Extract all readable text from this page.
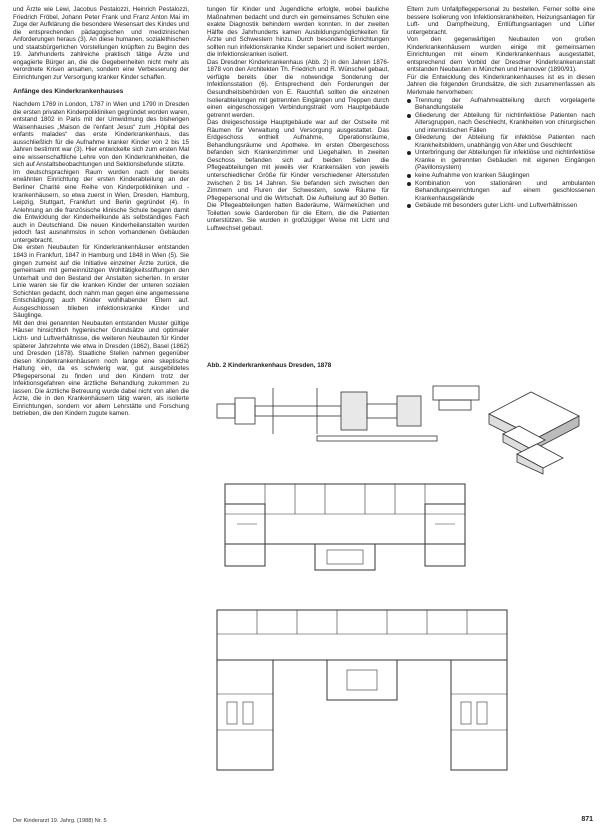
und Ärzte wie Lewi, Jacobus Pestalozzi, Heinrich Pestalozzi, Friedrich Fröbel, Johann Peter Frank und Franz Anton Mai im Zuge der Aufklärung die besondere Wesensart des Kindes und die entsprechenden pädagogischen und medizinischen Anforderungen heraus (3). An diese humanen, sozialethischen und staatsbürgerlichen Vorstellungen knüpften zu Beginn des 19. Jahrhunderts zahlreiche praktisch tätige Ärzte und engagierte Bürger an, die die Gegebenheiten nicht mehr als verordnete Krisen ansahen, sondern eine Verbesserung der Einrichtungen zur Versorgung kranker Kinder schaffen.

Anfänge des Kinderkrankenhauses

Nachdem 1769 in London, 1787 in Wien und 1790 in Dresden die ersten privaten Kinderpolikliniken gegründet worden waren, entstand 1802 in Paris mit der Umwidmung des bisherigen Waisenhauses „Maison de l'enfant Jesus“ zum „Hôpital des enfants malades“ das erste Kinderkrankenhaus, das ausschließlich für die Aufnahme kranker Kinder von 2 bis 15 Jahren bestimmt war (3). Hier entwickelte sich zum ersten Mal eine wissenschaftliche Lehre von den Kinderkrankheiten, die sich auf Anstaltsbeobachtungen und Sektionsbefunde stützte.

Im deutschsprachigen Raum wurden nach der bereits erwähnten Einrichtung der ersten Kinderabteilung an der Berliner Charité eine Reihe von Kinderpolikliniken und -krankenhäusern, so etwa zuerst in Wien, Dresden, Hamburg, Leipzig, Stuttgart, Frankfurt und Berlin gegründet (4). In Anlehnung an die französische klinische Schule begann damit die Entwicklung der Kinderheilkunde als selbständiges Fach auch in Deutschland. Die neuen Kinderheilanstalten wurden jedoch fast ausnahmslos in schon vorhandenen Gebäuden untergebracht.

Die ersten Neubauten für Kinderkrankenhäuser entstanden 1843 in Frankfurt, 1847 in Hamburg und 1848 in Wien (5). Sie gingen zumeist auf die Initiative einzelner Ärzte zurück, die gemeinsam mit gemeinnützigen Wohltätigkeitsstiftungen den Unterhalt und den Bestand der Anstalten sicherten. In erster Linie waren sie für die kranken Kinder der unteren sozialen Schichten gedacht, doch nahm man gegen eine angemessene Entschädigung auch Kinder wohlhabender Eltern auf. Ausgeschlossen blieben infektionskranke Kinder und Säuglinge.

Mit den drei genannten Neubauten entstanden Muster gültige Häuser hinsichtlich hygienischer Grundsätze und optimaler Licht- und Luftverhältnisse, die weiteren Neubauten für Kinder späterer Jahrzehnte wie etwa in Dresden (1862), Basel (1862) und Dresden (1878). Staatliche Stellen nahmen gegenüber diesen Kinderkrankenhäusern noch lange eine skeptische Haltung ein, da es schwierig war, gut ausgebildetes Pflegepersonal zu finden und den Kindern trotz der Infektionsgefahren eine ärztliche Behandlung zukommen zu lassen. Die ärztliche Betreuung wurde dabei nicht von allen die Ärzte, die in den Krankenhäusern tätig waren, als isolierte Einrichtungen, sondern vor allem Lehrstätte und Forschung betrieben, die den Kindern zugute kamen.

tungen für Kinder und Jugendliche erfolgte, wobei bauliche Maßnahmen bedacht und durch ein gemeinsames Schulen eine exakte Diagnostik behindern werden konnten. In der zweiten Hälfte des Jahrhunderts kamen Ausbildungsmöglichkeiten für Ärzte und Schwestern hinzu. Durch besondere Einrichtungen sollten nun infektionskranke Kinder separiert und isoliert werden, die Infektionskranken isoliert.

Das Dresdner Kinderkrankenhaus (Abb. 2) in den Jahren 1876-1878 von den Architekten Th. Friedrich und R. Wünschel gebaut, verfügte bereits über die notwendige Sonderung der Infektionsstation (6). Entsprechend den Forderungen der Gesundheitsbehörden von E. Rauchfuß sollten die einzelnen Isolierabteilungen mit getrennten Eingängen und Treppen durch einen eingeschossigen Verbindungstrakt vom Hauptgebäude getrennt werden.

Das dreigeschossige Hauptgebäude war auf der Ostseite mit Räumen für Verwaltung und Versorgung ausgestattet. Das Erdgeschoss enthielt Aufnahme, Operationsräume, Behandlungsräume und Apotheke. Im ersten Obergeschoss befanden sich Krankenzimmer und Liegehallen. In zweiten Geschoss befanden sich auf beiden Seiten die Pflegeabteilungen mit jeweils vier Krankensälen von jeweils unterschiedlicher Größe für Kinder verschiedener Altersstufen zwischen 2 bis 14 Jahren. Sie befanden sich zwischen den Zimmern und Fluren der Schwestern, sowie Räume für Pflegepersonal und die Wirtschaft. Die Aufteilung auf 30 Betten. Die Pflegeabteilungen hatten Baderäume, Wärmeküchen und Toiletten sowie Garderoben für die Eltern, die die Patienten unterstützen. Sie wurden in großzügiger Weise mit Licht und Luftwechsel gebaut.

Eltern zum Unfallpflegepersonal zu bestellen. Ferner sollte eine bessere Isolierung von Infektionskrankheiten, Heizungsanlagen für Luft- und Dampfheizung, Entlüftungsanlagen und Lüfter untergebracht.

Von den gegenwärtigen Neubauten von großen Kinderkrankenhäusern wurden einige mit gemeinsamen Einrichtungen mit einem Kinderkrankenhaus ausgestattet, entsprechend dem Vorbild der Dresdner Kinderkrankenanstalt entstanden Neubauten in München und Hannover (1890/91).

Für die Entwicklung des Kinderkrankenhauses ist es in diesen Jahren die folgenden Grundsätze, die sich zusammenfassen als Merkmale hervorheben:

Trennung der Aufnahmeabteilung durch vorgelagerte Behandlungsteile
Gliederung der Abteilung für nichtinfektiöse Patienten nach Altersgruppen, nach Geschlecht, Krankheiten von chirurgischen und internistischen Fällen
Gliederung der Abteilung für infektiöse Patienten nach Krankheitsbildern, unabhängig von Alter und Geschlecht
Unterbringung der Abteilungen für infektiöse und nichtinfektiöse Kranke in getrennten Gebäuden mit eigenen Eingängen (Pavillonsystem)
keine Aufnahme von kranken Säuglingen
Kombination von stationären und ambulanten Behandlungseinrichtungen auf einem geschlossenen Krankenhausgelände
Gebäude mit besonders guter Licht- und Luftverhältnissen
Abb. 2 Kinderkrankenhaus Dresden, 1878
Der Kinderarzt 19. Jahrg. (1988) Nr. 5	871
